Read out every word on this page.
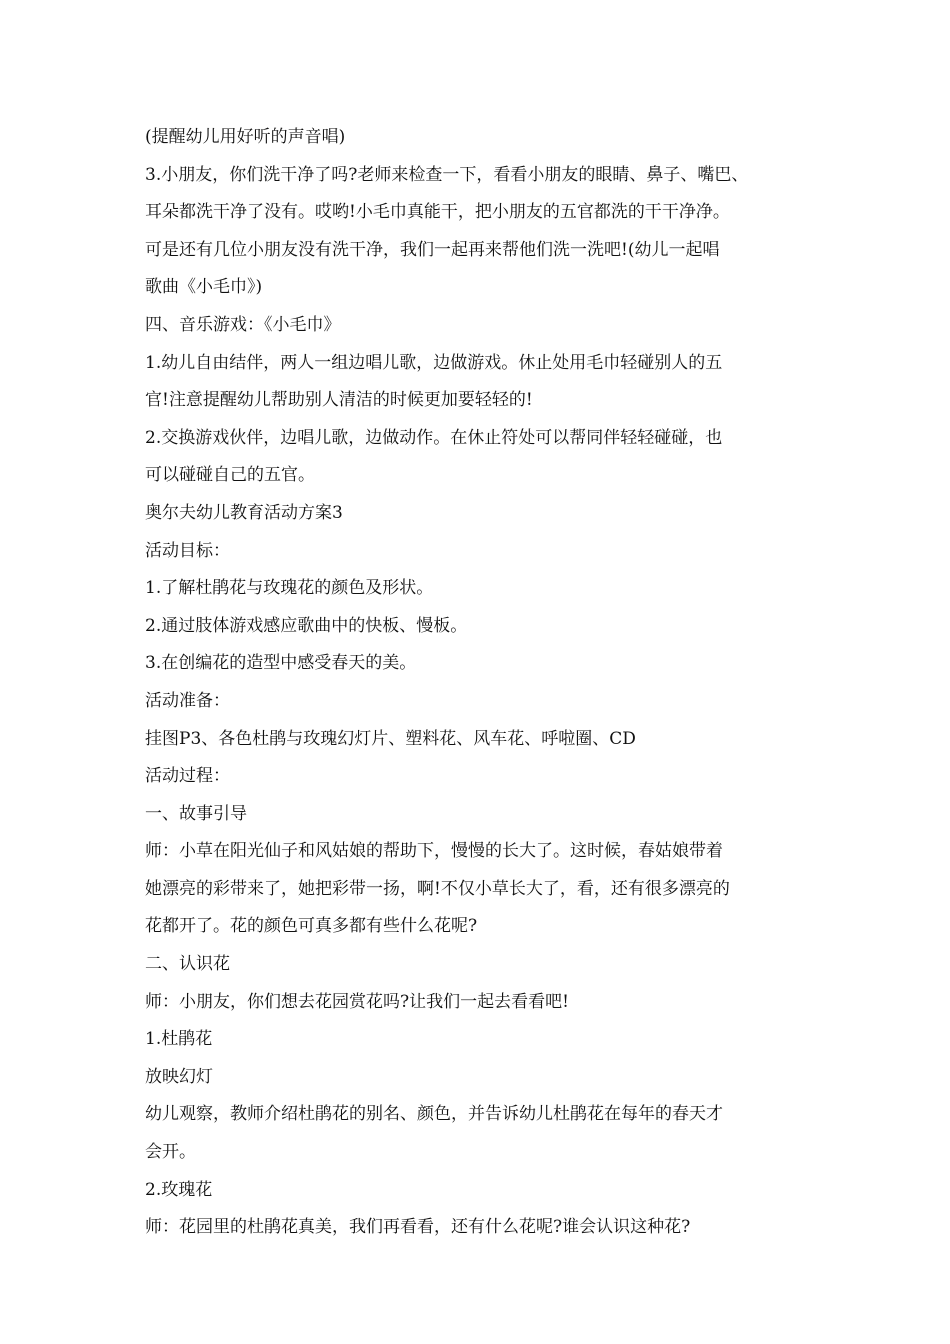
(提醒幼儿用好听的声音唱)
3.小朋友，你们洗干净了吗?老师来检查一下，看看小朋友的眼睛、鼻子、嘴巴、
耳朵都洗干净了没有。哎哟!小毛巾真能干，把小朋友的五官都洗的干干净净。
可是还有几位小朋友没有洗干净，我们一起再来帮他们洗一洗吧!(幼儿一起唱
歌曲《小毛巾》)
四、音乐游戏：《小毛巾》
1.幼儿自由结伴，两人一组边唱儿歌，边做游戏。休止处用毛巾轻碰别人的五
官!注意提醒幼儿帮助别人清洁的时候更加要轻轻的!
2.交换游戏伙伴，边唱儿歌，边做动作。在休止符处可以帮同伴轻轻碰碰，也
可以碰碰自己的五官。
奥尔夫幼儿教育活动方案3
活动目标：
1.了解杜鹃花与玫瑰花的颜色及形状。
2.通过肢体游戏感应歌曲中的快板、慢板。
3.在创编花的造型中感受春天的美。
活动准备：
挂图P3、各色杜鹃与玫瑰幻灯片、塑料花、风车花、呼啦圈、CD
活动过程：
一、故事引导
师：小草在阳光仙子和风姑娘的帮助下，慢慢的长大了。这时候，春姑娘带着
她漂亮的彩带来了，她把彩带一扬，啊!不仅小草长大了，看，还有很多漂亮的
花都开了。花的颜色可真多都有些什么花呢?
二、认识花
师：小朋友，你们想去花园赏花吗?让我们一起去看看吧!
1.杜鹃花
放映幻灯
幼儿观察，教师介绍杜鹃花的别名、颜色，并告诉幼儿杜鹃花在每年的春天才
会开。
2.玫瑰花
师：花园里的杜鹃花真美，我们再看看，还有什么花呢?谁会认识这种花?
